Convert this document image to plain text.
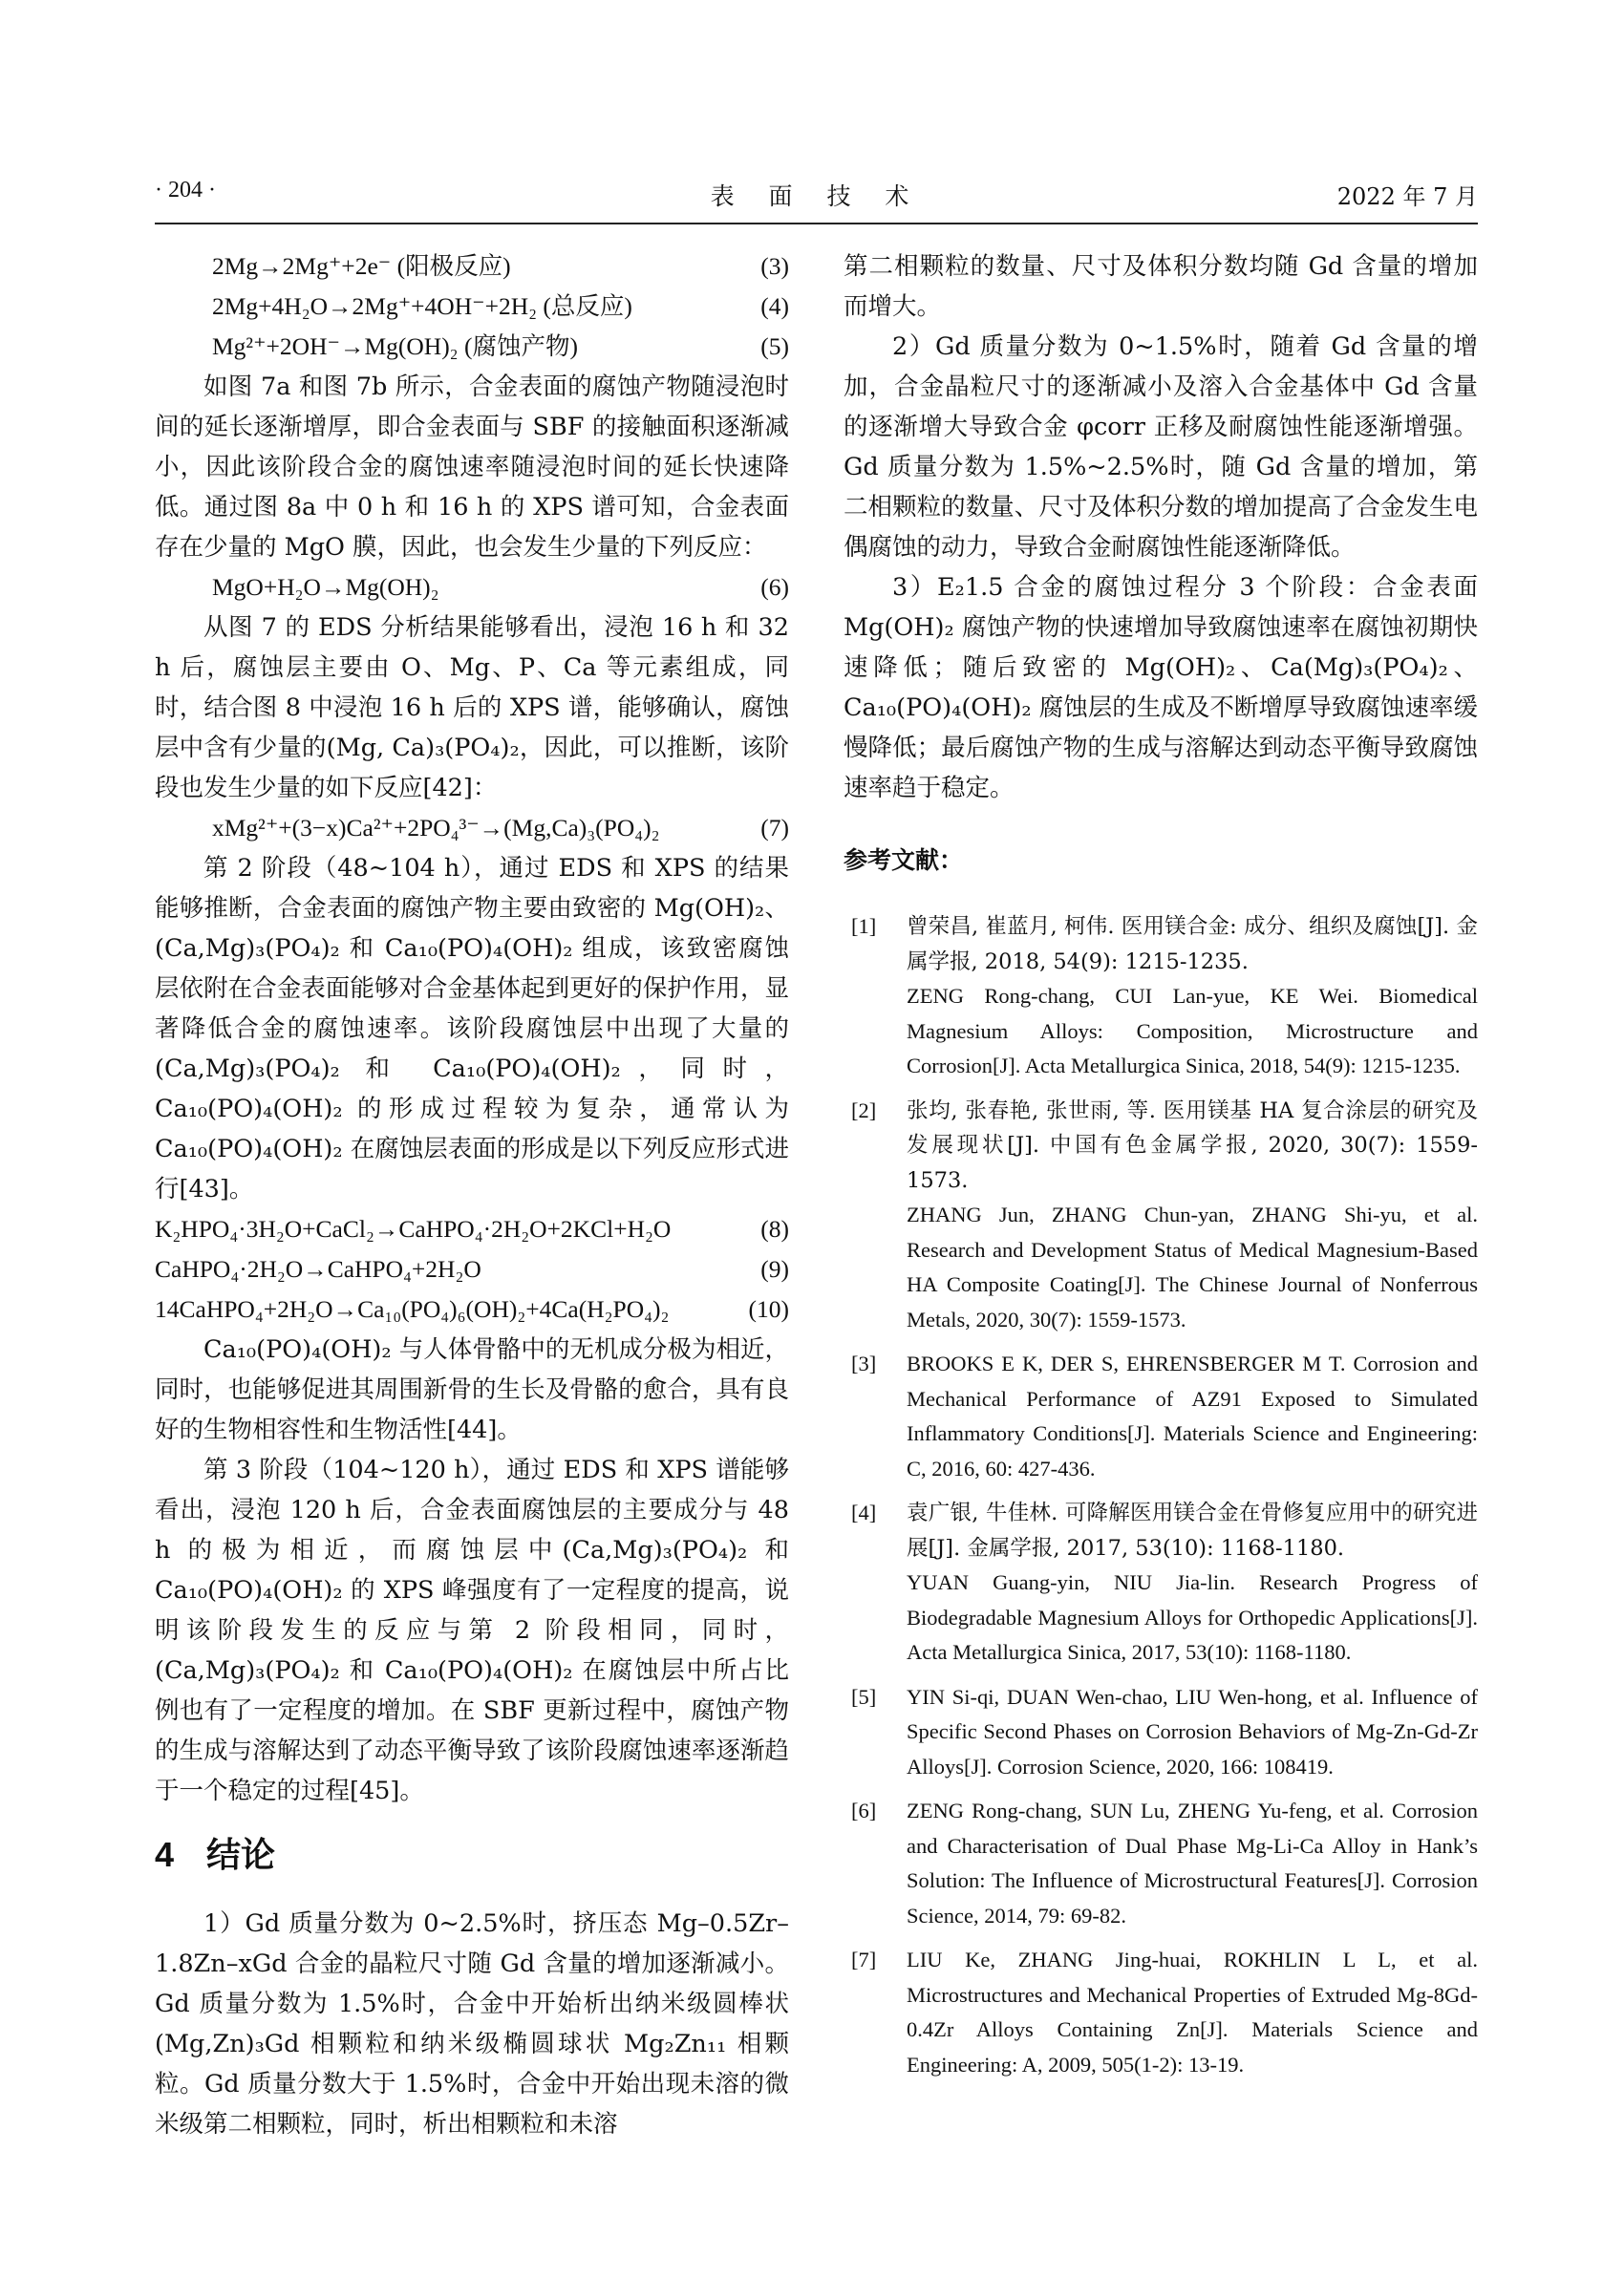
· 204 ·	表 面 技 术	2022 年 7 月
2Mg→2Mg⁺+2e⁻ (阳极反应)	(3)
2Mg+4H₂O→2Mg⁺+4OH⁻+2H₂ (总反应)	(4)
Mg²⁺+2OH⁻→Mg(OH)₂ (腐蚀产物)	(5)

如图 7a 和图 7b 所示，合金表面的腐蚀产物随浸泡时间的延长逐渐增厚，即合金表面与 SBF 的接触面积逐渐减小，因此该阶段合金的腐蚀速率随浸泡时间的延长快速降低。通过图 8a 中 0 h 和 16 h 的 XPS 谱可知，合金表面存在少量的 MgO 膜，因此，也会发生少量的下列反应：

MgO+H₂O→Mg(OH)₂	(6)

从图 7 的 EDS 分析结果能够看出，浸泡 16 h 和 32 h 后，腐蚀层主要由 O、Mg、P、Ca 等元素组成，同时，结合图 8 中浸泡 16 h 后的 XPS 谱，能够确认，腐蚀层中含有少量的(Mg, Ca)₃(PO₄)₂，因此，可以推断，该阶段也发生少量的如下反应[42]：

xMg²⁺+(3−x)Ca²⁺+2PO₄³⁻→(Mg,Ca)₃(PO₄)₂	(7)

第 2 阶段（48~104 h），通过 EDS 和 XPS 的结果能够推断，合金表面的腐蚀产物主要由致密的 Mg(OH)₂、(Ca,Mg)₃(PO₄)₂ 和 Ca₁₀(PO)₄(OH)₂ 组成，该致密腐蚀层依附在合金表面能够对合金基体起到更好的保护作用，显著降低合金的腐蚀速率。该阶段腐蚀层中出现了大量的(Ca,Mg)₃(PO₄)₂ 和 Ca₁₀(PO)₄(OH)₂，同时，Ca₁₀(PO)₄(OH)₂ 的形成过程较为复杂，通常认为 Ca₁₀(PO)₄(OH)₂ 在腐蚀层表面的形成是以下列反应形式进行[43]。

K₂HPO₄·3H₂O+CaCl₂→CaHPO₄·2H₂O+2KCl+H₂O	(8)
CaHPO₄·2H₂O→CaHPO₄+2H₂O	(9)
14CaHPO₄+2H₂O→Ca₁₀(PO₄)₆(OH)₂+4Ca(H₂PO₄)₂	(10)

Ca₁₀(PO)₄(OH)₂ 与人体骨骼中的无机成分极为相近，同时，也能够促进其周围新骨的生长及骨骼的愈合，具有良好的生物相容性和生物活性[44]。

第 3 阶段（104~120 h），通过 EDS 和 XPS 谱能够看出，浸泡 120 h 后，合金表面腐蚀层的主要成分与 48 h 的极为相近，而腐蚀层中(Ca,Mg)₃(PO₄)₂ 和 Ca₁₀(PO)₄(OH)₂ 的 XPS 峰强度有了一定程度的提高，说明该阶段发生的反应与第 2 阶段相同，同时，(Ca,Mg)₃(PO₄)₂ 和 Ca₁₀(PO)₄(OH)₂ 在腐蚀层中所占比例也有了一定程度的增加。在 SBF 更新过程中，腐蚀产物的生成与溶解达到了动态平衡导致了该阶段腐蚀速率逐渐趋于一个稳定的过程[45]。

4 结论

1）Gd 质量分数为 0~2.5%时，挤压态 Mg–0.5Zr–1.8Zn–xGd 合金的晶粒尺寸随 Gd 含量的增加逐渐减小。Gd 质量分数为 1.5%时，合金中开始析出纳米级圆棒状(Mg,Zn)₃Gd 相颗粒和纳米级椭圆球状 Mg₂Zn₁₁ 相颗粒。Gd 质量分数大于 1.5%时，合金中开始出现未溶的微米级第二相颗粒，同时，析出相颗粒和未溶

第二相颗粒的数量、尺寸及体积分数均随 Gd 含量的增加而增大。

2）Gd 质量分数为 0~1.5%时，随着 Gd 含量的增加，合金晶粒尺寸的逐渐减小及溶入合金基体中 Gd 含量的逐渐增大导致合金 φcorr 正移及耐腐蚀性能逐渐增强。Gd 质量分数为 1.5%~2.5%时，随 Gd 含量的增加，第二相颗粒的数量、尺寸及体积分数的增加提高了合金发生电偶腐蚀的动力，导致合金耐腐蚀性能逐渐降低。

3）E₂1.5 合金的腐蚀过程分 3 个阶段：合金表面 Mg(OH)₂ 腐蚀产物的快速增加导致腐蚀速率在腐蚀初期快速降低；随后致密的 Mg(OH)₂、Ca(Mg)₃(PO₄)₂、Ca₁₀(PO)₄(OH)₂ 腐蚀层的生成及不断增厚导致腐蚀速率缓慢降低；最后腐蚀产物的生成与溶解达到动态平衡导致腐蚀速率趋于稳定。

参考文献：
[1] 曾荣昌, 崔蓝月, 柯伟. 医用镁合金: 成分、组织及腐蚀[J]. 金属学报, 2018, 54(9): 1215-1235.
ZENG Rong-chang, CUI Lan-yue, KE Wei. Biomedical Magnesium Alloys: Composition, Microstructure and Corrosion[J]. Acta Metallurgica Sinica, 2018, 54(9): 1215-1235.
[2] 张均, 张春艳, 张世雨, 等. 医用镁基 HA 复合涂层的研究及发展现状[J]. 中国有色金属学报, 2020, 30(7): 1559-1573.
ZHANG Jun, ZHANG Chun-yan, ZHANG Shi-yu, et al. Research and Development Status of Medical Magnesium-Based HA Composite Coating[J]. The Chinese Journal of Nonferrous Metals, 2020, 30(7): 1559-1573.
[3] BROOKS E K, DER S, EHRENSBERGER M T. Corrosion and Mechanical Performance of AZ91 Exposed to Simulated Inflammatory Conditions[J]. Materials Science and Engineering: C, 2016, 60: 427-436.
[4] 袁广银, 牛佳林. 可降解医用镁合金在骨修复应用中的研究进展[J]. 金属学报, 2017, 53(10): 1168-1180.
YUAN Guang-yin, NIU Jia-lin. Research Progress of Biodegradable Magnesium Alloys for Orthopedic Applications[J]. Acta Metallurgica Sinica, 2017, 53(10): 1168-1180.
[5] YIN Si-qi, DUAN Wen-chao, LIU Wen-hong, et al. Influence of Specific Second Phases on Corrosion Behaviors of Mg-Zn-Gd-Zr Alloys[J]. Corrosion Science, 2020, 166: 108419.
[6] ZENG Rong-chang, SUN Lu, ZHENG Yu-feng, et al. Corrosion and Characterisation of Dual Phase Mg-Li-Ca Alloy in Hank’s Solution: The Influence of Microstructural Features[J]. Corrosion Science, 2014, 79: 69-82.
[7] LIU Ke, ZHANG Jing-huai, ROKHLIN L L, et al. Microstructures and Mechanical Properties of Extruded Mg-8Gd-0.4Zr Alloys Containing Zn[J]. Materials Science and Engineering: A, 2009, 505(1-2): 13-19.
